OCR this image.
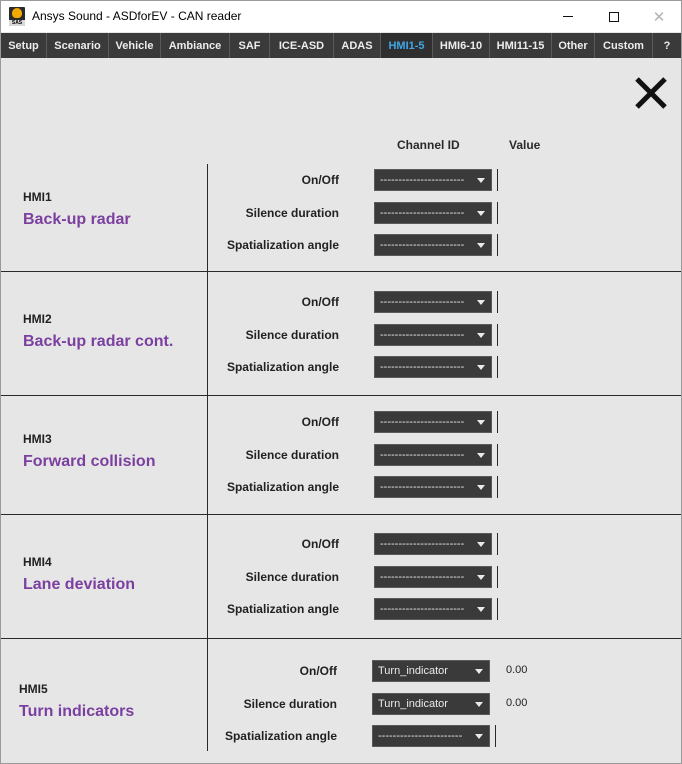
SAS Ansys Sound - ASDforEV - CAN reader	✕
Setup	Scenario	Vehicle	Ambiance	SAF	ICE-ASD	ADAS	HMI1-5	HMI6-10	HMI11-15	Other	Custom	?
Channel ID	Value
HMI1
Back-up radar
On/Off	-----------------------
Silence duration	-----------------------
Spatialization angle	-----------------------
HMI2
Back-up radar cont.
On/Off	-----------------------
Silence duration	-----------------------
Spatialization angle	-----------------------
HMI3
Forward collision
On/Off	-----------------------
Silence duration	-----------------------
Spatialization angle	-----------------------
HMI4
Lane deviation
On/Off	-----------------------
Silence duration	-----------------------
Spatialization angle	-----------------------
HMI5
Turn indicators
On/Off	Turn_indicator	0.00
Silence duration	Turn_indicator	0.00
Spatialization angle	-----------------------
